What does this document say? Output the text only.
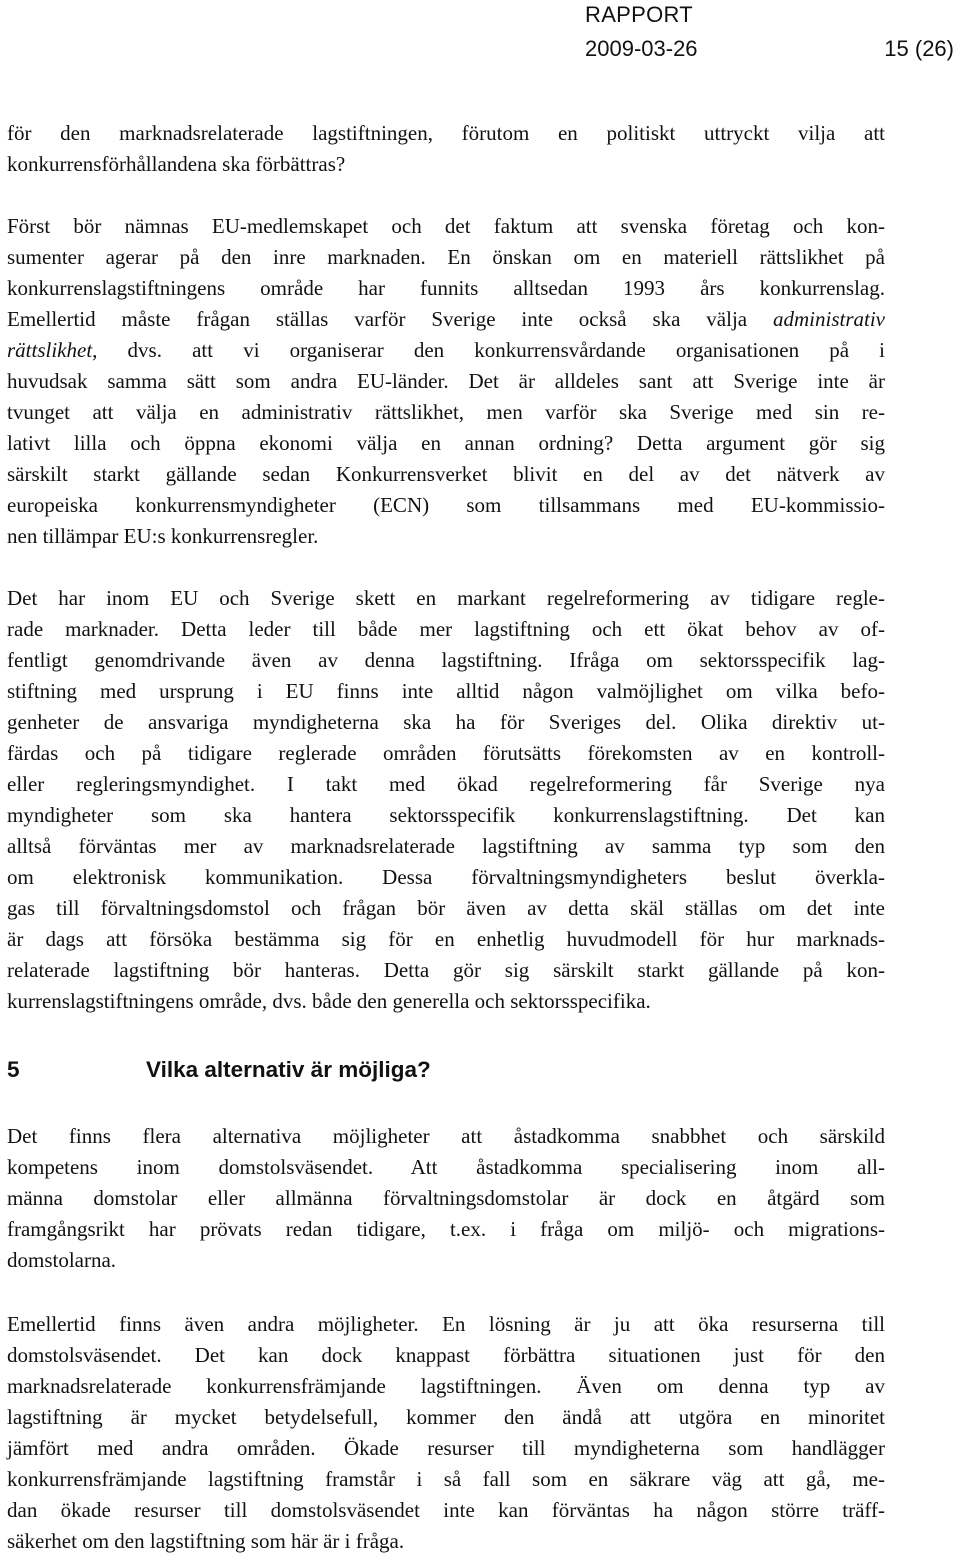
RAPPORT
2009-03-26	15 (26)

för den marknadsrelaterade lagstiftningen, förutom en politiskt uttryckt vilja att
konkurrensförhållandena ska förbättras?

Först bör nämnas EU-medlemskapet och det faktum att svenska företag och kon-
sumenter agerar på den inre marknaden. En önskan om en materiell rättslikhet på
konkurrenslagstiftningens område har funnits alltsedan 1993 års konkurrenslag.
Emellertid måste frågan ställas varför Sverige inte också ska välja administrativ
rättslikhet, dvs. att vi organiserar den konkurrensvårdande organisationen på i
huvudsak samma sätt som andra EU-länder. Det är alldeles sant att Sverige inte är
tvunget att välja en administrativ rättslikhet, men varför ska Sverige med sin re-
lativt lilla och öppna ekonomi välja en annan ordning? Detta argument gör sig
särskilt starkt gällande sedan Konkurrensverket blivit en del av det nätverk av
europeiska konkurrensmyndigheter (ECN) som tillsammans med EU-kommissio-
nen tillämpar EU:s konkurrensregler.

Det har inom EU och Sverige skett en markant regelreformering av tidigare regle-
rade marknader. Detta leder till både mer lagstiftning och ett ökat behov av of-
fentligt genomdrivande även av denna lagstiftning. Ifråga om sektorsspecifik lag-
stiftning med ursprung i EU finns inte alltid någon valmöjlighet om vilka befo-
genheter de ansvariga myndigheterna ska ha för Sveriges del. Olika direktiv ut-
färdas och på tidigare reglerade områden förutsätts förekomsten av en kontroll-
eller regleringsmyndighet. I takt med ökad regelreformering får Sverige nya
myndigheter som ska hantera sektorsspecifik konkurrenslagstiftning. Det kan
alltså förväntas mer av marknadsrelaterade lagstiftning av samma typ som den
om elektronisk kommunikation. Dessa förvaltningsmyndigheters beslut överkla-
gas till förvaltningsdomstol och frågan bör även av detta skäl ställas om det inte
är dags att försöka bestämma sig för en enhetlig huvudmodell för hur marknads-
relaterade lagstiftning bör hanteras. Detta gör sig särskilt starkt gällande på kon-
kurrenslagstiftningens område, dvs. både den generella och sektorsspecifika.

5	Vilka alternativ är möjliga?

Det finns flera alternativa möjligheter att åstadkomma snabbhet och särskild
kompetens inom domstolsväsendet. Att åstadkomma specialisering inom all-
männa domstolar eller allmänna förvaltningsdomstolar är dock en åtgärd som
framgångsrikt har prövats redan tidigare, t.ex. i fråga om miljö- och migrations-
domstolarna.

Emellertid finns även andra möjligheter. En lösning är ju att öka resurserna till
domstolsväsendet. Det kan dock knappast förbättra situationen just för den
marknadsrelaterade konkurrensfrämjande lagstiftningen. Även om denna typ av
lagstiftning är mycket betydelsefull, kommer den ändå att utgöra en minoritet
jämfört med andra områden. Ökade resurser till myndigheterna som handlägger
konkurrensfrämjande lagstiftning framstår i så fall som en säkrare väg att gå, me-
dan ökade resurser till domstolsväsendet inte kan förväntas ha någon större träff-
säkerhet om den lagstiftning som här är i fråga.
